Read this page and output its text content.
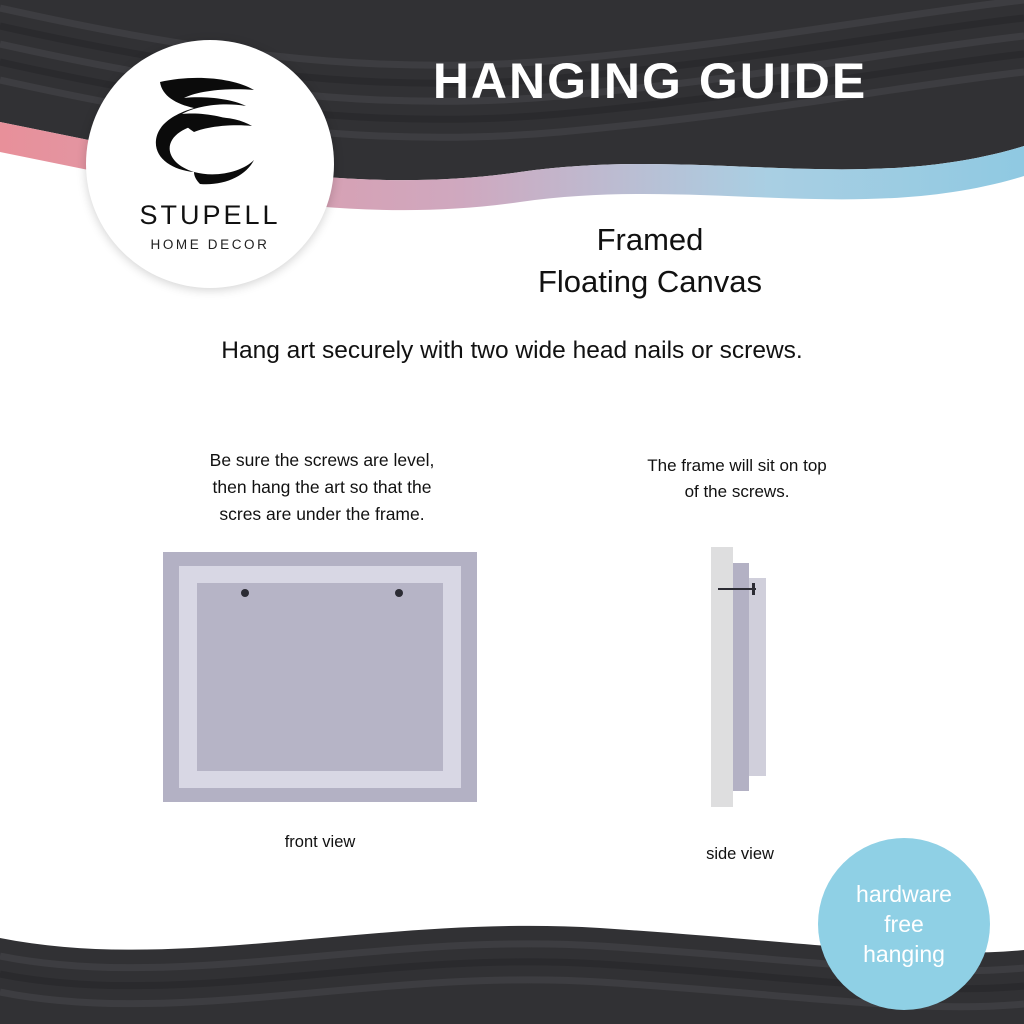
STUPELL
HOME DECOR
HANGING GUIDE
Framed
Floating Canvas
Hang art securely with two wide head nails or screws.
Be sure the screws are level,
then hang the art so that the
scres are under the frame.
The frame will sit on top
of the screws.
front view
side view
hardware
free
hanging
